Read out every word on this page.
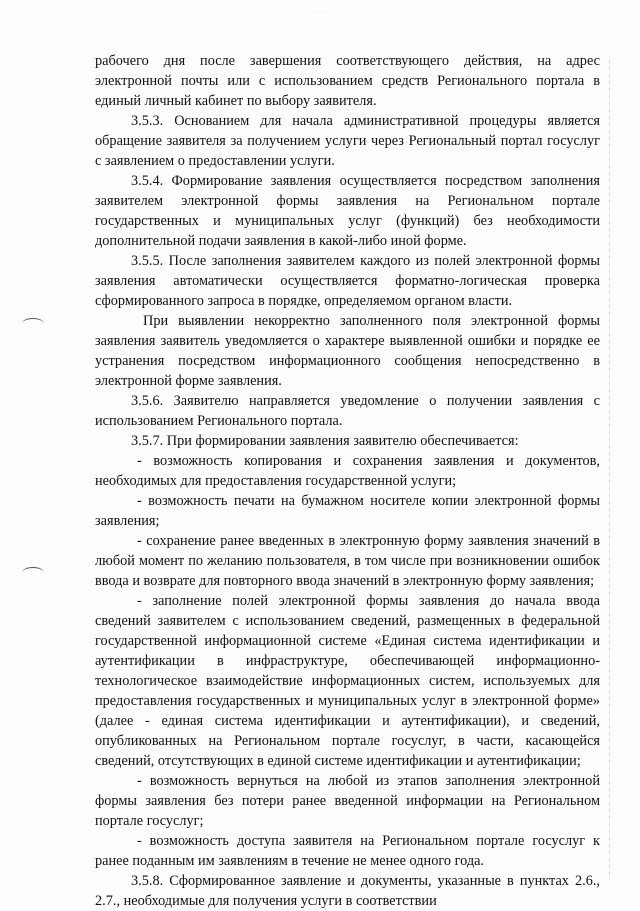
· · · · ·

рабочего дня после завершения соответствующего действия, на адрес электронной почты или с использованием средств Регионального портала в единый личный кабинет по выбору заявителя.

3.5.3. Основанием для начала административной процедуры является обращение заявителя за получением услуги через Региональный портал госуслуг с заявлением о предоставлении услуги.

3.5.4. Формирование заявления осуществляется посредством заполнения заявителем электронной формы заявления на Региональном портале государственных и муниципальных услуг (функций) без необходимости дополнительной подачи заявления в какой-либо иной форме.

3.5.5. После заполнения заявителем каждого из полей электронной формы заявления автоматически осуществляется форматно-логическая проверка сформированного запроса в порядке, определяемом органом власти.

При выявлении некорректно заполненного поля электронной формы заявления заявитель уведомляется о характере выявленной ошибки и порядке ее устранения посредством информационного сообщения непосредственно в электронной форме заявления.

3.5.6. Заявителю направляется уведомление о получении заявления с использованием Регионального портала.

3.5.7. При формировании заявления заявителю обеспечивается:

- возможность копирования и сохранения заявления и документов, необходимых для предоставления государственной услуги;

- возможность печати на бумажном носителе копии электронной формы заявления;

- сохранение ранее введенных в электронную форму заявления значений в любой момент по желанию пользователя, в том числе при возникновении ошибок ввода и возврате для повторного ввода значений в электронную форму заявления;

- заполнение полей электронной формы заявления до начала ввода сведений заявителем с использованием сведений, размещенных в федеральной государственной информационной системе «Единая система идентификации и аутентификации в инфраструктуре, обеспечивающей информационно-технологическое взаимодействие информационных систем, используемых для предоставления государственных и муниципальных услуг в электронной форме» (далее - единая система идентификации и аутентификации), и сведений, опубликованных на Региональном портале госуслуг, в части, касающейся сведений, отсутствующих в единой системе идентификации и аутентификации;

- возможность вернуться на любой из этапов заполнения электронной формы заявления без потери ранее введенной информации на Региональном портале госуслуг;

- возможность доступа заявителя на Региональном портале госуслуг к ранее поданным им заявлениям в течение не менее одного года.

3.5.8. Сформированное заявление и документы, указанные в пунктах 2.6., 2.7., необходимые для получения услуги в соответствии
